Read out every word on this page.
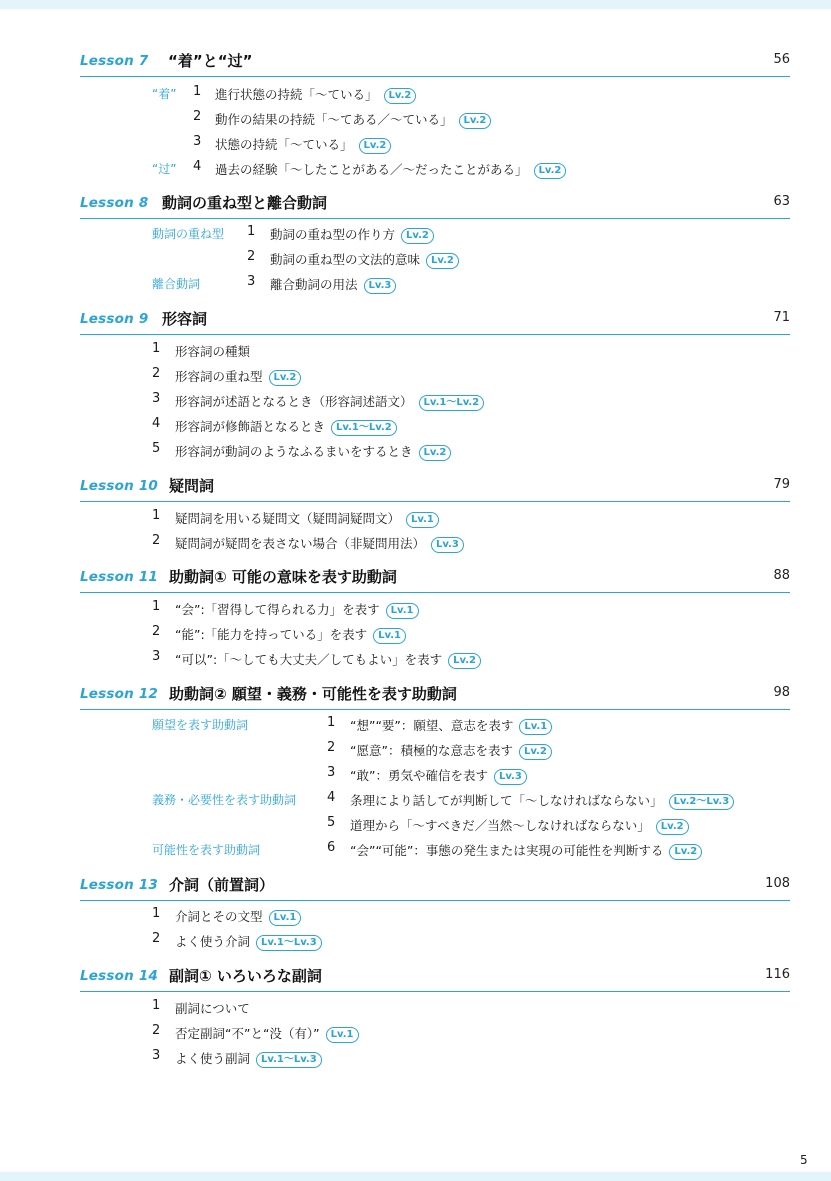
Lesson 7 “着”と“过”	56
“着” 1 進行状態の持続「～ている」 Lv.2
2 動作の結果の持続「～てある／～ている」 Lv.2
3 状態の持続「～ている」 Lv.2
“过” 4 過去の経験「～したことがある／～だったことがある」 Lv.2
Lesson 8 動詞の重ね型と離合動詞	63
動詞の重ね型 1 動詞の重ね型の作り方 Lv.2
2 動詞の重ね型の文法的意味 Lv.2
離合動詞	3 離合動詞の用法 Lv.3
Lesson 9 形容詞	71
1 形容詞の種類
2 形容詞の重ね型 Lv.2
3 形容詞が述語となるとき（形容詞述語文） Lv.1～Lv.2
4 形容詞が修飾語となるとき Lv.1～Lv.2
5 形容詞が動詞のようなふるまいをするとき Lv.2
Lesson 10 疑問詞	79
1 疑問詞を用いる疑問文（疑問詞疑問文） Lv.1
2 疑問詞が疑問を表さない場合（非疑問用法） Lv.3
Lesson 11 助動詞① 可能の意味を表す助動詞	88
1 “会”:「習得して得られる力」を表す Lv.1
2 “能”:「能力を持っている」を表す Lv.1
3 “可以”:「～しても大丈夫／してもよい」を表す Lv.2
Lesson 12 助動詞② 願望・義務・可能性を表す助動詞	98
願望を表す助動詞	1 “想”“要”：願望、意志を表す Lv.1
2 “愿意”：積極的な意志を表す Lv.2
3 “敢”：勇気や確信を表す Lv.3
義務・必要性を表す助動詞 4 条理により話してが判断して「～しなければならない」 Lv.2～Lv.3
5 道理から「～すべきだ／当然～しなければならない」 Lv.2
可能性を表す助動詞	6 “会”“可能”：事態の発生または実現の可能性を判断する Lv.2
Lesson 13 介詞（前置詞）	108
1 介詞とその文型 Lv.1
2 よく使う介詞 Lv.1～Lv.3
Lesson 14 副詞① いろいろな副詞	116
1 副詞について
2 否定副詞“不”と“没（有）” Lv.1
3 よく使う副詞 Lv.1～Lv.3
5
